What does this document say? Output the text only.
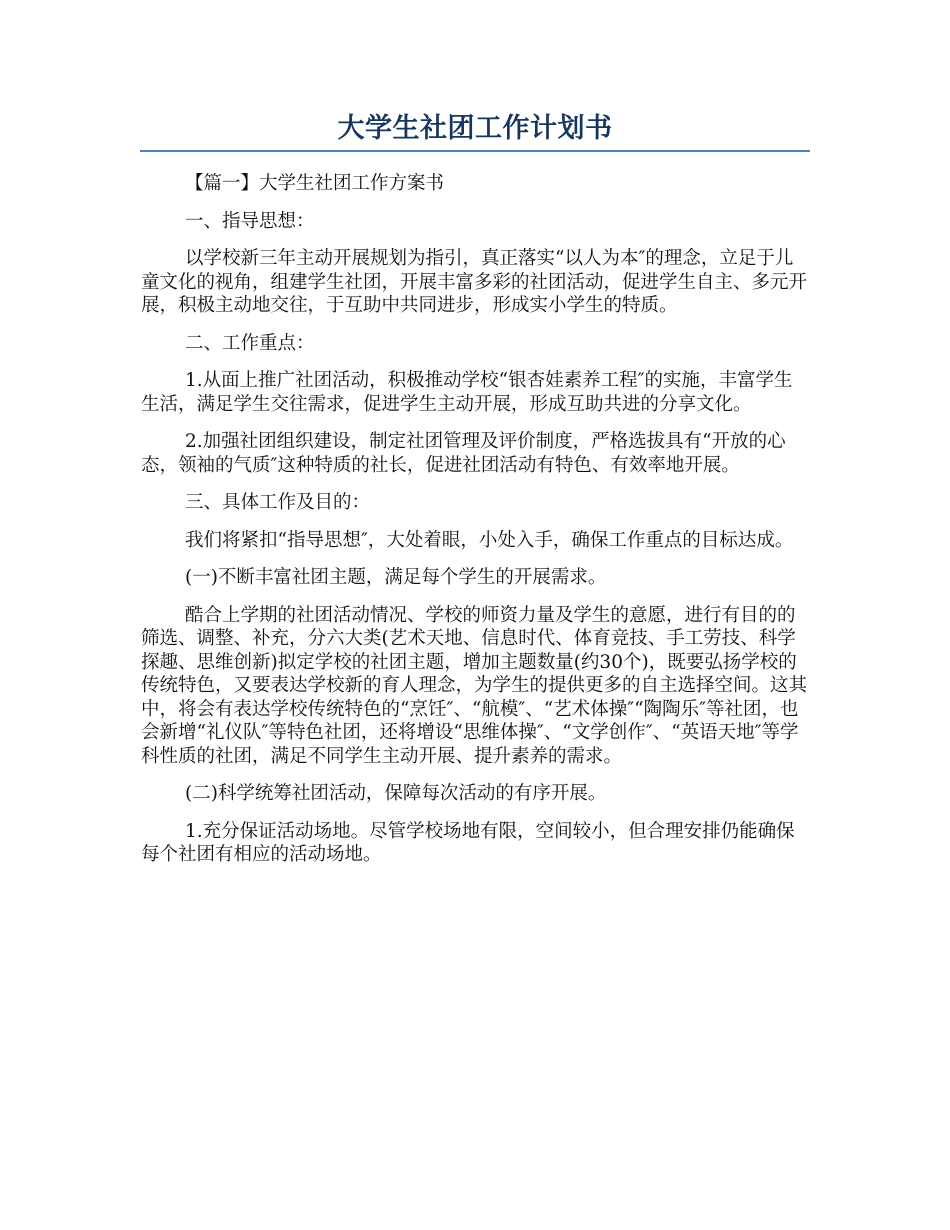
大学生社团工作计划书

【篇一】大学生社团工作方案书

一、指导思想：

以学校新三年主动开展规划为指引，真正落实“以人为本″的理念，立足于儿童文化的视角，组建学生社团，开展丰富多彩的社团活动，促进学生自主、多元开展，积极主动地交往，于互助中共同进步，形成实小学生的特质。

二、工作重点：

1.从面上推广社团活动，积极推动学校“银杏娃素养工程″的实施，丰富学生生活，满足学生交往需求，促进学生主动开展，形成互助共进的分享文化。

2.加强社团组织建设，制定社团管理及评价制度，严格选拔具有“开放的心态，领袖的气质″这种特质的社长，促进社团活动有特色、有效率地开展。

三、具体工作及目的：

我们将紧扣“指导思想″，大处着眼，小处入手，确保工作重点的目标达成。

(一)不断丰富社团主题，满足每个学生的开展需求。

酷合上学期的社团活动情况、学校的师资力量及学生的意愿，进行有目的的筛选、调整、补充，分六大类(艺术天地、信息时代、体育竞技、手工劳技、科学探趣、思维创新)拟定学校的社团主题，增加主题数量(约30个)，既要弘扬学校的传统特色，又要表达学校新的育人理念，为学生的提供更多的自主选择空间。这其中，将会有表达学校传统特色的“烹饪″、“航模″、“艺术体操″“陶陶乐″等社团，也会新增“礼仪队″等特色社团，还将增设“思维体操″、“文学创作″、“英语天地″等学科性质的社团，满足不同学生主动开展、提升素养的需求。

(二)科学统筹社团活动，保障每次活动的有序开展。

1.充分保证活动场地。尽管学校场地有限，空间较小，但合理安排仍能确保每个社团有相应的活动场地。
